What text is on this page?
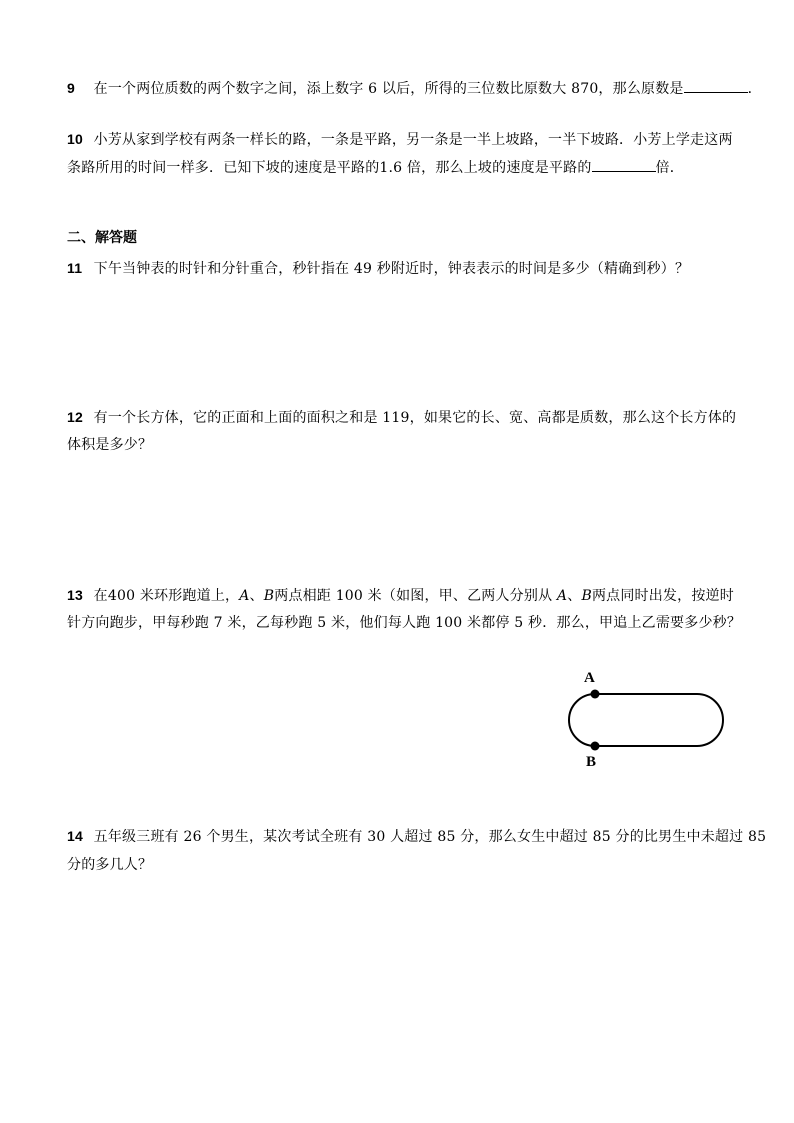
9 在一个两位质数的两个数字之间，添上数字 6 以后，所得的三位数比原数大 870，那么原数是	．
10 小芳从家到学校有两条一样长的路，一条是平路，另一条是一半上坡路，一半下坡路．小芳上学走这两
条路所用的时间一样多．已知下坡的速度是平路的1.6 倍，那么上坡的速度是平路的	倍．
二、解答题
11 下午当钟表的时针和分针重合，秒针指在 49 秒附近时，钟表表示的时间是多少（精确到秒）？
12 有一个长方体，它的正面和上面的面积之和是 119，如果它的长、宽、高都是质数，那么这个长方体的
体积是多少？
13 在400 米环形跑道上，A、B两点相距 100 米（如图，甲、乙两人分别从 A、B两点同时出发，按逆时
针方向跑步，甲每秒跑 7 米，乙每秒跑 5 米，他们每人跑 100 米都停 5 秒．那么，甲追上乙需要多少秒？
A
B
14 五年级三班有 26 个男生，某次考试全班有 30 人超过 85 分，那么女生中超过 85 分的比男生中未超过 85
分的多几人？
